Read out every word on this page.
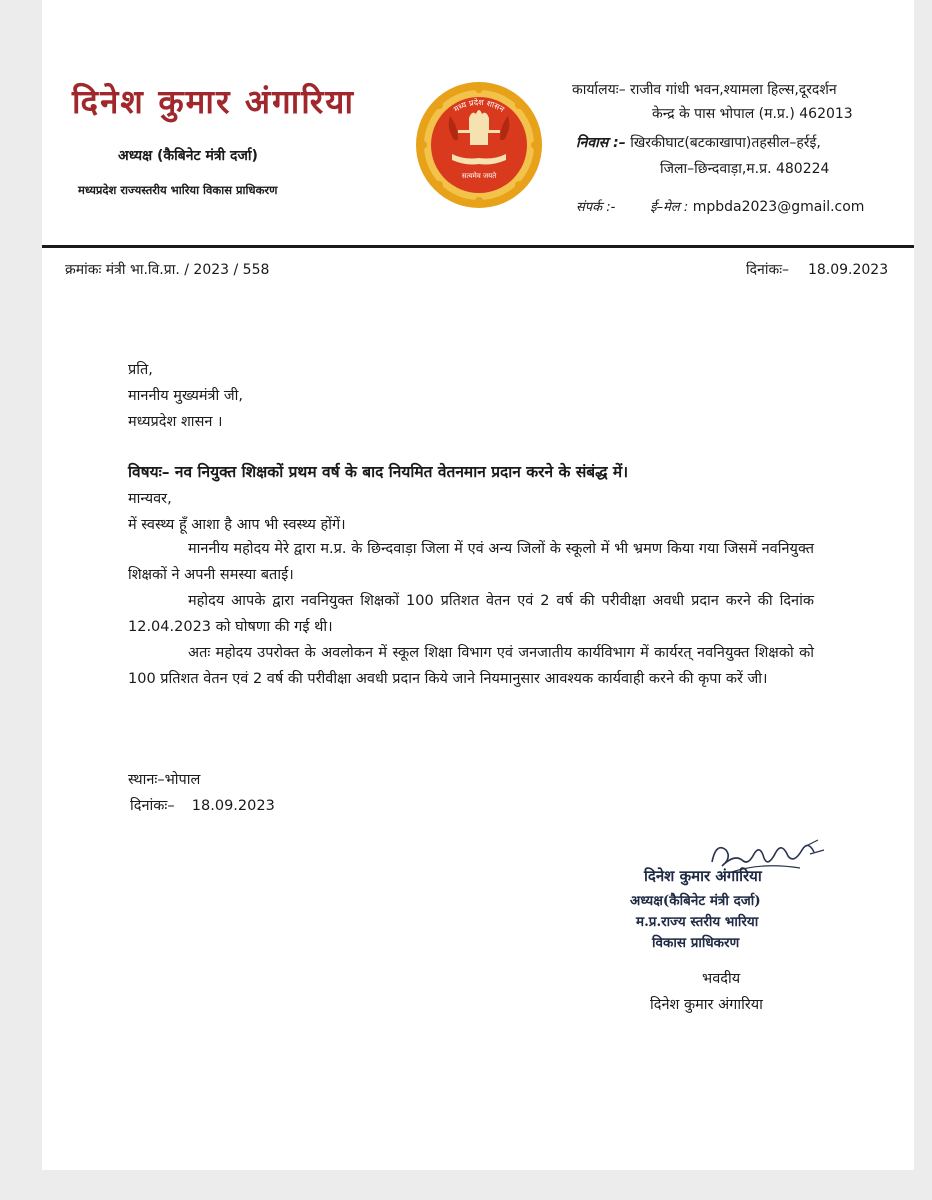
दिनेश कुमार अंगारिया
अध्यक्ष (कैबिनेट मंत्री दर्जा)
मध्यप्रदेश राज्यस्तरीय भारिया विकास प्राधिकरण
मध्य प्रदेश शासन
सत्यमेव जयते
कार्यालयः– राजीव गांधी भवन,श्यामला हिल्स,दूरदर्शन
केन्द्र के पास भोपाल (म.प्र.) 462013
निवास :– खिरकीघाट(बटकाखापा)तहसील–हर्रई,
जिला–छिन्दवाड़ा,म.प्र. 480224
संपर्क :-	ई–मेल : mpbda2023@gmail.com
क्रमांकः मंत्री भा.वि.प्रा. / 2023 / 558	दिनांकः– 18.09.2023
प्रति,
माननीय मुख्यमंत्री जी,
मध्यप्रदेश शासन ।
विषयः– नव नियुक्त शिक्षकों प्रथम वर्ष के बाद नियमित वेतनमान प्रदान करने के संबंद्ध में।
मान्यवर,
में स्वस्थ्य हूँ आशा है आप भी स्वस्थ्य होंगें।
माननीय महोदय मेरे द्वारा म.प्र. के छिन्दवाड़ा जिला में एवं अन्य जिलों के स्कूलो में भी भ्रमण किया गया जिसमें नवनियुक्त शिक्षकों ने अपनी समस्या बताई।
महोदय आपके द्वारा नवनियुक्त शिक्षकों 100 प्रतिशत वेतन एवं 2 वर्ष की परीवीक्षा अवधी प्रदान करने की दिनांक 12.04.2023 को घोषणा की गई थी।
अतः महोदय उपरोक्त के अवलोकन में स्कूल शिक्षा विभाग एवं जनजातीय कार्यविभाग में कार्यरत् नवनियुक्त शिक्षको को 100 प्रतिशत वेतन एवं 2 वर्ष की परीवीक्षा अवधी प्रदान किये जाने नियमानुसार आवश्यक कार्यवाही करने की कृपा करें जी।
स्थानः–भोपाल
दिनांकः– 18.09.2023
दिनेश कुमार अंगारिया
अध्यक्ष(कैबिनेट मंत्री दर्जा)
म.प्र.राज्य स्तरीय भारिया
विकास प्राधिकरण
भवदीय
दिनेश कुमार अंगारिया
